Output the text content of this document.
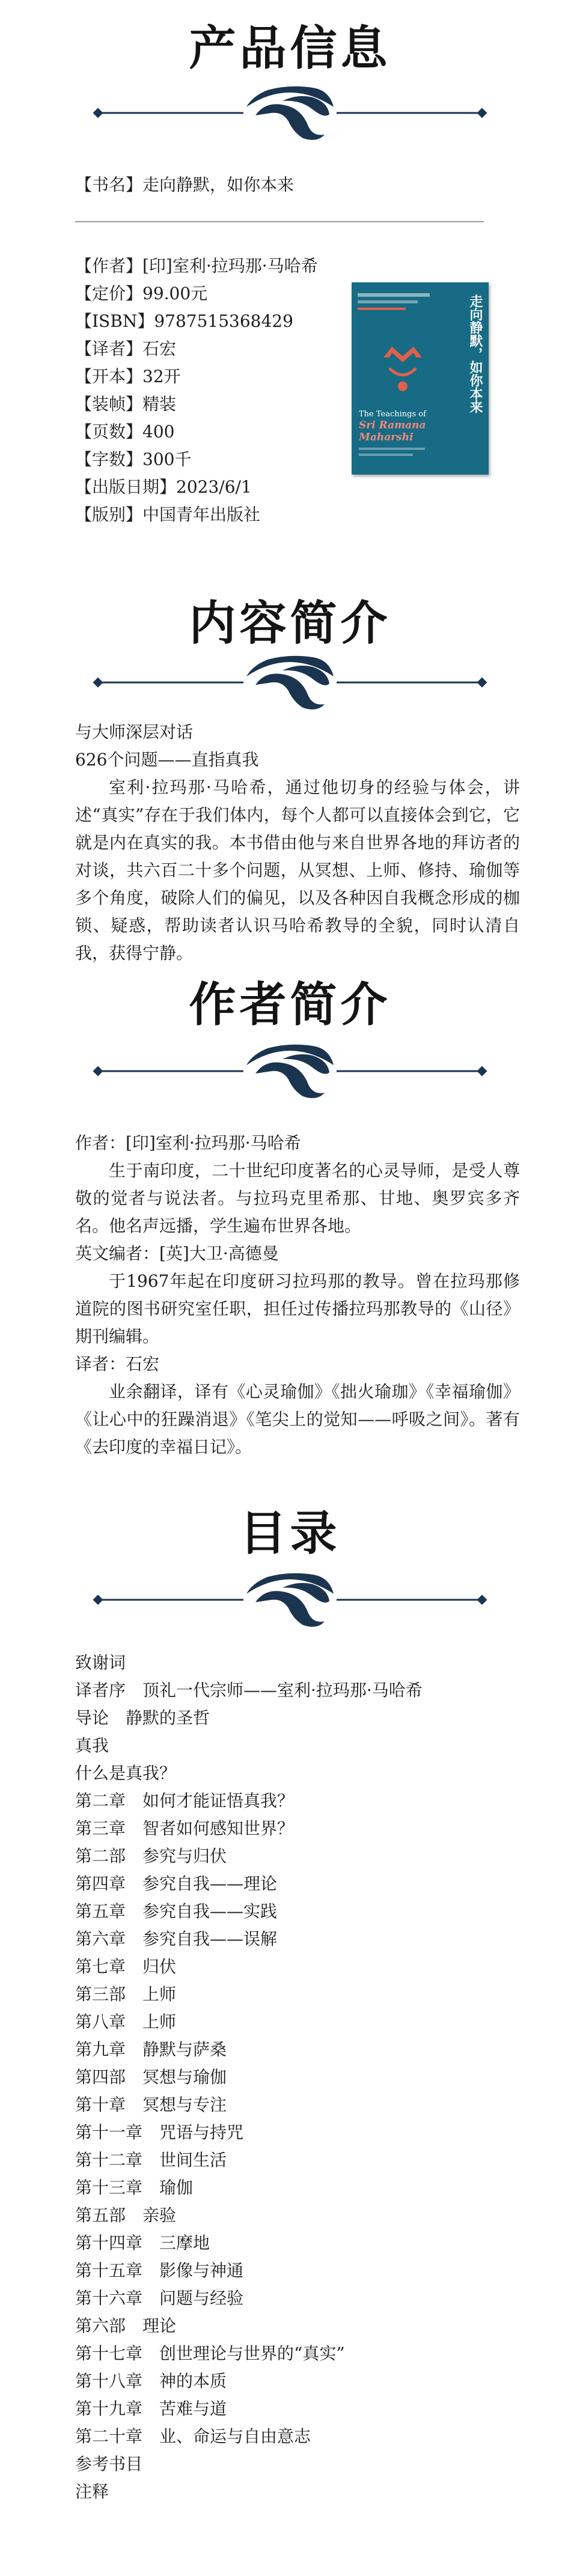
产品信息
【书名】走向静默，如你本来
【作者】[印]室利·拉玛那·马哈希
【定价】99.00元
【ISBN】9787515368429
【译者】石宏
【开本】32开
【装帧】精装
【页数】400
【字数】300千
【出版日期】2023/6/1
【版别】中国青年出版社
走向静默，如你本来
The Teachings of
Sri Ramana
Maharshi
内容简介
与大师深层对话
626个问题——直指真我
室利·拉玛那·马哈希，通过他切身的经验与体会，讲述“真实”存在于我们体内，每个人都可以直接体会到它，它就是内在真实的我。本书借由他与来自世界各地的拜访者的对谈，共六百二十多个问题，从冥想、上师、修持、瑜伽等多个角度，破除人们的偏见，以及各种因自我概念形成的枷锁、疑惑，帮助读者认识马哈希教导的全貌，同时认清自我，获得宁静。
作者简介
作者：[印]室利·拉玛那·马哈希
生于南印度，二十世纪印度著名的心灵导师，是受人尊敬的觉者与说法者。与拉玛克里希那、甘地、奥罗宾多齐名。他名声远播，学生遍布世界各地。
英文编者：[英]大卫·高德曼
于1967年起在印度研习拉玛那的教导。曾在拉玛那修道院的图书研究室任职，担任过传播拉玛那教导的《山径》期刊编辑。
译者：石宏
业余翻译，译有《心灵瑜伽》《拙火瑜珈》《幸福瑜伽》《让心中的狂躁消退》《笔尖上的觉知——呼吸之间》。著有《去印度的幸福日记》。
目录
致谢词
译者序　顶礼一代宗师——室利·拉玛那·马哈希
导论　静默的圣哲
真我
什么是真我？
第二章　如何才能证悟真我？
第三章　智者如何感知世界？
第二部　参究与归伏
第四章　参究自我——理论
第五章　参究自我——实践
第六章　参究自我——误解
第七章　归伏
第三部　上师
第八章　上师
第九章　静默与萨桑
第四部　冥想与瑜伽
第十章　冥想与专注
第十一章　咒语与持咒
第十二章　世间生活
第十三章　瑜伽
第五部　亲验
第十四章　三摩地
第十五章　影像与神通
第十六章　问题与经验
第六部　理论
第十七章　创世理论与世界的“真实”
第十八章　神的本质
第十九章　苦难与道
第二十章　业、命运与自由意志
参考书目
注释
